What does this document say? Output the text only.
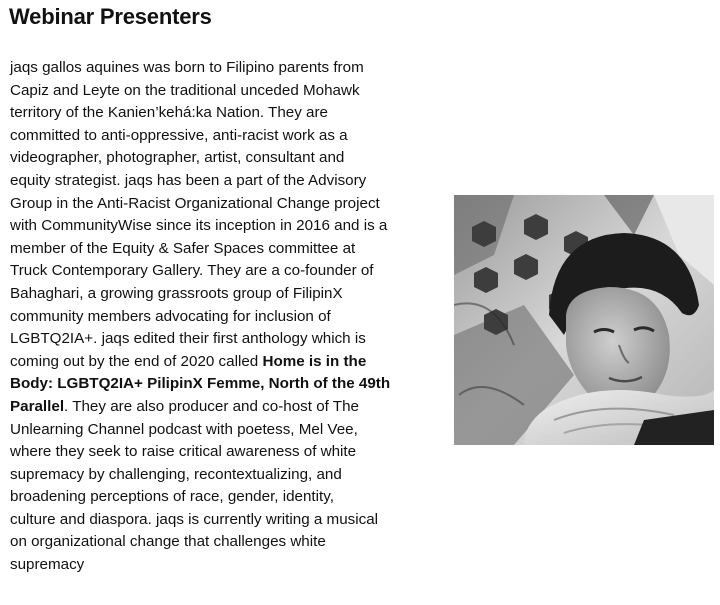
Webinar Presenters

jaqs gallos aquines was born to Filipino parents from
Capiz and Leyte on the traditional unceded Mohawk
territory of the Kanien’kehá:ka Nation. They are
committed to anti-oppressive, anti-racist work as a
videographer, photographer, artist, consultant and
equity strategist. jaqs has been a part of the Advisory
Group in the Anti-Racist Organizational Change project
with CommunityWise since its inception in 2016 and is a
member of the Equity & Safer Spaces committee at
Truck Contemporary Gallery. They are a co-founder of
Bahaghari, a growing grassroots group of FilipinX
community members advocating for inclusion of
LGBTQ2IA+. jaqs edited their first anthology which is
coming out by the end of 2020 called Home is in the
Body: LGBTQ2IA+ PilipinX Femme, North of the 49th
Parallel. They are also producer and co-host of The
Unlearning Channel podcast with poetess, Mel Vee,
where they seek to raise critical awareness of white
supremacy by challenging, recontextualizing, and
broadening perceptions of race, gender, identity,
culture and diaspora. jaqs is currently writing a musical
on organizational change that challenges white
supremacy
